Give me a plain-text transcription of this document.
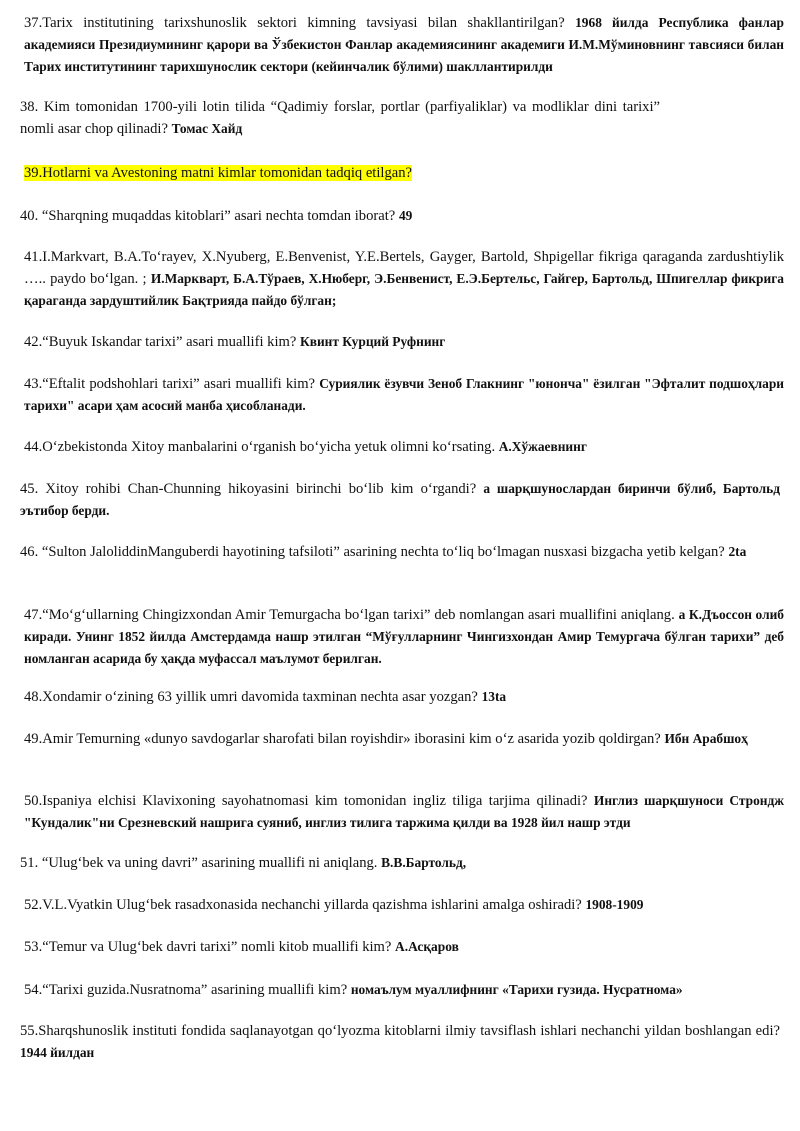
37.Tarix institutining tarixshunoslik sektori kimning tavsiyasi bilan shakllantirilgan? 1968 йилда Республика фанлар академияси Президиумининг қарори ва Ўзбекистон Фанлар академиясининг академиги И.М.Мўминовнинг тавсияси билан Тарих институтининг тарихшунослик сектори (кейинчалик бўлими) шакллантирилди

38. Kim tomonidan 1700-yili lotin tilida “Qadimiy forslar, portlar (parfiyaliklar) va modliklar dini tarixi” nomli asar chop qilinadi? Томас Хайд

39.Hotlarni va Avestoning matni kimlar tomonidan tadqiq etilgan?

40. “Sharqning muqaddas kitoblari” asari nechta tomdan iborat? 49

41.I.Markvart, B.A.To‘rayev, X.Nyuberg, E.Benvenist, Y.E.Bertels, Gayger, Bartold, Shpigellar fikriga qaraganda zardushtiylik ….. paydo bo‘lgan. ; И.Маркварт, Б.А.Тўраев, Х.Нюберг, Э.Бенвенист, Е.Э.Бертельс, Гайгер, Бартольд, Шпигеллар фикрига қараганда зардуштийлик Бақтрияда пайдо бўлган;

42.“Buyuk Iskandar tarixi” asari muallifi kim? Квинт Курций Руфнинг

43.“Eftalit podshohlari tarixi” asari muallifi kim? Суриялик ёзувчи Зеноб Глакнинг "юнонча" ёзилган "Эфталит подшоҳлари тарихи" асари ҳам асосий манба ҳисобланади.

44.O‘zbekistonda Xitoy manbalarini o‘rganish bo‘yicha yetuk olimni ko‘rsating. А.Хўжаевнинг

45. Xitoy rohibi Chan-Chunning hikoyasini birinchi bo‘lib kim o‘rgandi? а шарқшунослардан биринчи бўлиб, Бартольд эътибор берди.

46. “Sulton JaloliddinManguberdi hayotining tafsiloti” asarining nechta to‘liq bo‘lmagan nusxasi bizgacha yetib kelgan? 2ta

47.“Mo‘g‘ullarning Chingizxondan Amir Temurgacha bo‘lgan tarixi” deb nomlangan asari muallifini aniqlang. а К.Дъоссон олиб киради. Унинг 1852 йилда Амстердамда нашр этилган “Мўғулларнинг Чингизхондан Амир Темургача бўлган тарихи” деб номланган асарида бу ҳақда муфассал маълумот берилган.

48.Xondamir o‘zining 63 yillik umri davomida taxminan nechta asar yozgan? 13ta

49.Amir Temurning «dunyo savdogarlar sharofati bilan royishdir» iborasini kim o‘z asarida yozib qoldirgan? Ибн Арабшоҳ

50.Ispaniya elchisi Klavixoning sayohatnomasi kim tomonidan ingliz tiliga tarjima qilinadi? Инглиз шарқшуноси Строндж "Кундалик"ни Срезневский нашрига суяниб, инглиз тилига таржима қилди ва 1928 йил нашр этди

51. “Ulug‘bek va uning davri” asarining muallifi ni aniqlang. В.В.Бартольд,

52.V.L.Vyatkin Ulug‘bek rasadxonasida nechanchi yillarda qazishma ishlarini amalga oshiradi? 1908-1909

53.“Temur va Ulug‘bek davri tarixi” nomli kitob muallifi kim? А.Асқаров

54.“Tarixi guzida.Nusratnoma” asarining muallifi kim? номаълум муаллифнинг «Тарихи гузида. Нусратнома»

55.Sharqshunoslik instituti fondida saqlanayotgan qo‘lyozma kitoblarni ilmiy tavsiflash ishlari nechanchi yildan boshlangan edi? 1944 йилдан
